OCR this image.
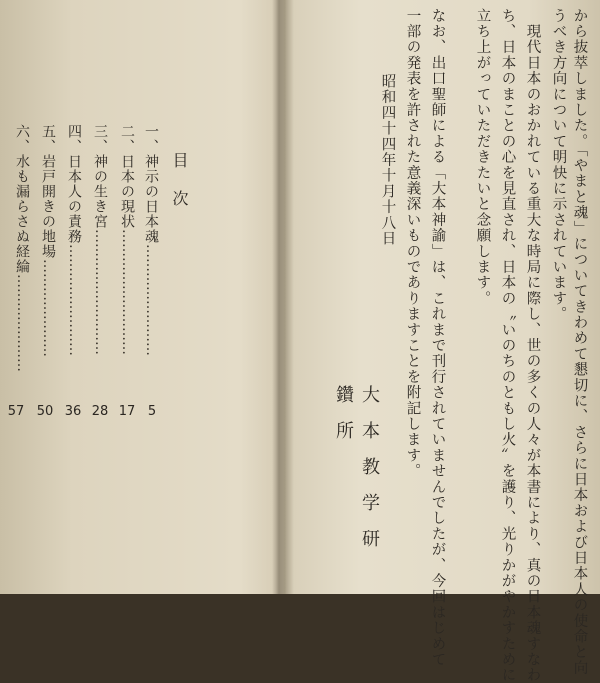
目次
一、神示の日本魂……………………
5
二、日本の現状………………………
17
三、神の生き宮………………………
28
四、日本人の責務……………………
36
五、岩戸開きの地場…………………
50
六、水も漏らさぬ経綸…………………
57	から抜萃しました。「やまと魂」についてきわめて懇切に、さらに日本および日本人の使命と向
うべき方向について明快に示されています。
　現代日本のおかれている重大な時局に際し、世の多くの人々が本書により、真の日本魂すなわ
ち、日本のまことの心を見直され、日本の〝いのちのともし火〟を護り、光りかがやかすために
立ち上がっていただきたいと念願します。
なお、出口聖師による「大本神諭」は、これまで刊行されていませんでしたが、今回はじめて
一部の発表を許された意義深いものでありますことを附記します。
　昭和四十四年十月十八日
大本教学研鑽所
